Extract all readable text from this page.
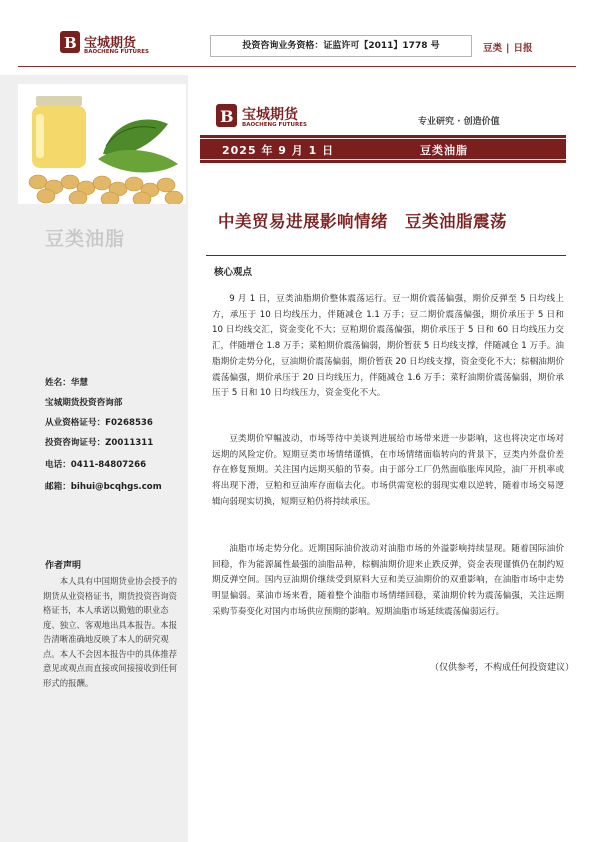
B 宝城期货
BAOCHENG FUTURES
投资咨询业务资格：证监许可【2011】1778 号	豆类 | 日报
豆类油脂
姓名：华慧
宝城期货投资咨询部
从业资格证号：F0268536
投资咨询证号：Z0011311
电话：0411-84807266
邮箱：bihui@bcqhgs.com
作者声明
本人具有中国期货业协会授予的期货从业资格证书，期货投资咨询资格证书，本人承诺以勤勉的职业态度、独立、客观地出具本报告。本报告清晰准确地反映了本人的研究观点。本人不会因本报告中的具体推荐意见或观点而直接或间接接收到任何形式的报酬。
B 宝城期货
BAOCHENG FUTURES	专业研究 · 创造价值
2025 年 9 月 1 日	豆类油脂
中美贸易进展影响情绪　豆类油脂震荡
核心观点

9 月 1 日，豆类油脂期价整体震荡运行。豆一期价震荡偏强，期价反弹至 5 日均线上方，承压于 10 日均线压力，伴随减仓 1.1 万手；豆二期价震荡偏强，期价承压于 5 日和 10 日均线交汇，资金变化不大；豆粕期价震荡偏强，期价承压于 5 日和 60 日均线压力交汇，伴随增仓 1.8 万手；菜粕期价震荡偏弱，期价暂获 5 日均线支撑，伴随减仓 1 万手。油脂期价走势分化，豆油期价震荡偏弱，期价暂获 20 日均线支撑，资金变化不大；棕榈油期价震荡偏强，期价承压于 20 日均线压力，伴随减仓 1.6 万手；菜籽油期价震荡偏弱，期价承压于 5 日和 10 日均线压力，资金变化不大。

豆类期价窄幅波动，市场等待中美谈判进展给市场带来进一步影响，这也将决定市场对远期的风险定价。短期豆类市场情绪谨慎，在市场情绪面临转向的背景下，豆类内外盘价差存在修复预期。关注国内远期买船的节奏。由于部分工厂仍然面临胀库风险，油厂开机率或将出现下滑，豆粕和豆油库存面临去化。市场供需宽松的弱现实难以逆转，随着市场交易逻辑向弱现实切换，短期豆粕仍将持续承压。

油脂市场走势分化。近期国际油价波动对油脂市场的外溢影响持续显现。随着国际油价回稳，作为能源属性最强的油脂品种，棕榈油期价迎来止跌反弹，资金表现谨慎仍在制约短期反弹空间。国内豆油期价继续受到原料大豆和美豆油期价的双重影响，在油脂市场中走势明显偏弱。菜油市场来看，随着整个油脂市场情绪回稳，菜油期价转为震荡偏强，关注远期采购节奏变化对国内市场供应预期的影响。短期油脂市场延续震荡偏弱运行。

（仅供参考，不构成任何投资建议）
